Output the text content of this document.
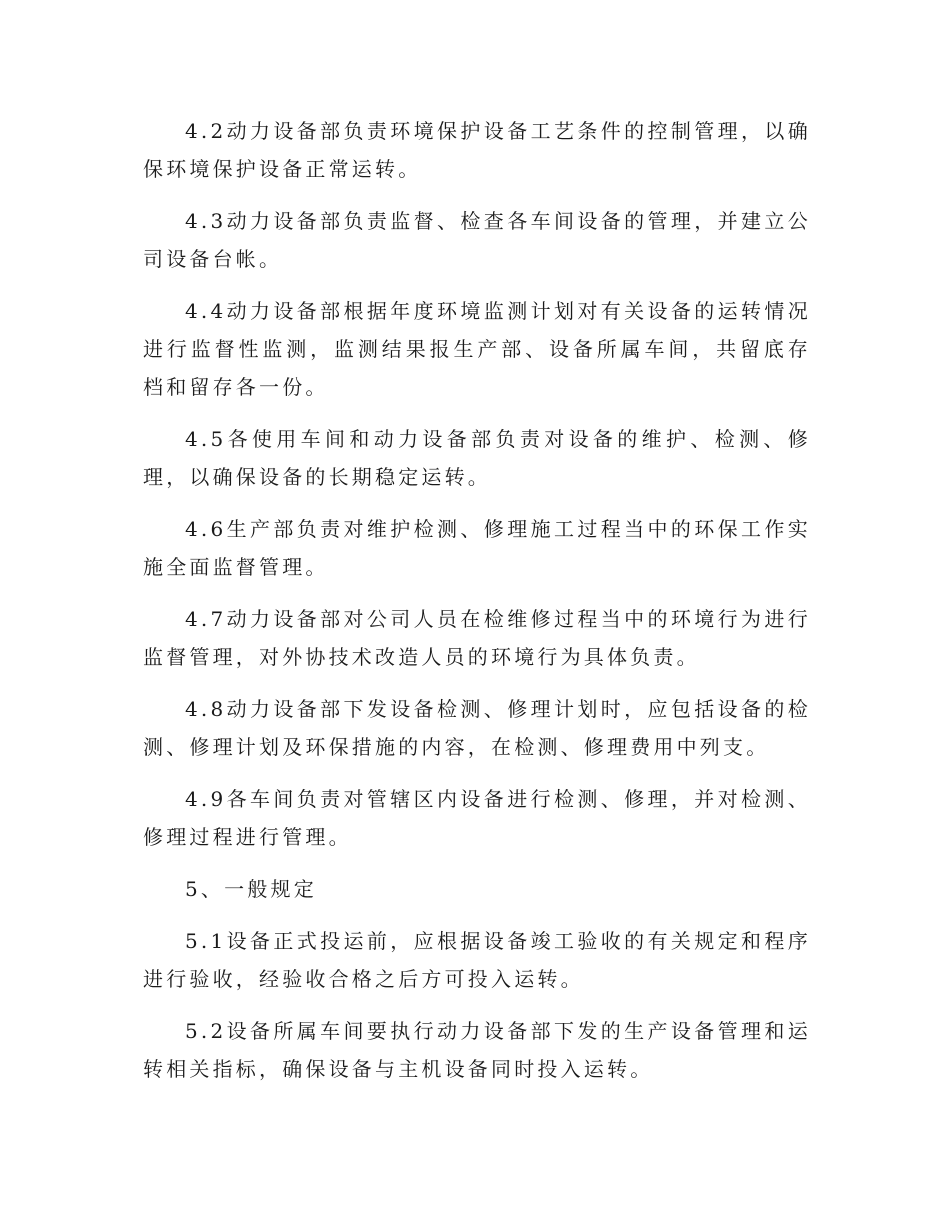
4.2动力设备部负责环境保护设备工艺条件的控制管理，以确保环境保护设备正常运转。

4.3动力设备部负责监督、检查各车间设备的管理，并建立公司设备台帐。

4.4动力设备部根据年度环境监测计划对有关设备的运转情况进行监督性监测，监测结果报生产部、设备所属车间，共留底存档和留存各一份。

4.5各使用车间和动力设备部负责对设备的维护、检测、修理，以确保设备的长期稳定运转。

4.6生产部负责对维护检测、修理施工过程当中的环保工作实施全面监督管理。

4.7动力设备部对公司人员在检维修过程当中的环境行为进行监督管理，对外协技术改造人员的环境行为具体负责。

4.8动力设备部下发设备检测、修理计划时，应包括设备的检测、修理计划及环保措施的内容，在检测、修理费用中列支。

4.9各车间负责对管辖区内设备进行检测、修理，并对检测、修理过程进行管理。

5、一般规定

5.1设备正式投运前，应根据设备竣工验收的有关规定和程序进行验收，经验收合格之后方可投入运转。

5.2设备所属车间要执行动力设备部下发的生产设备管理和运转相关指标，确保设备与主机设备同时投入运转。
